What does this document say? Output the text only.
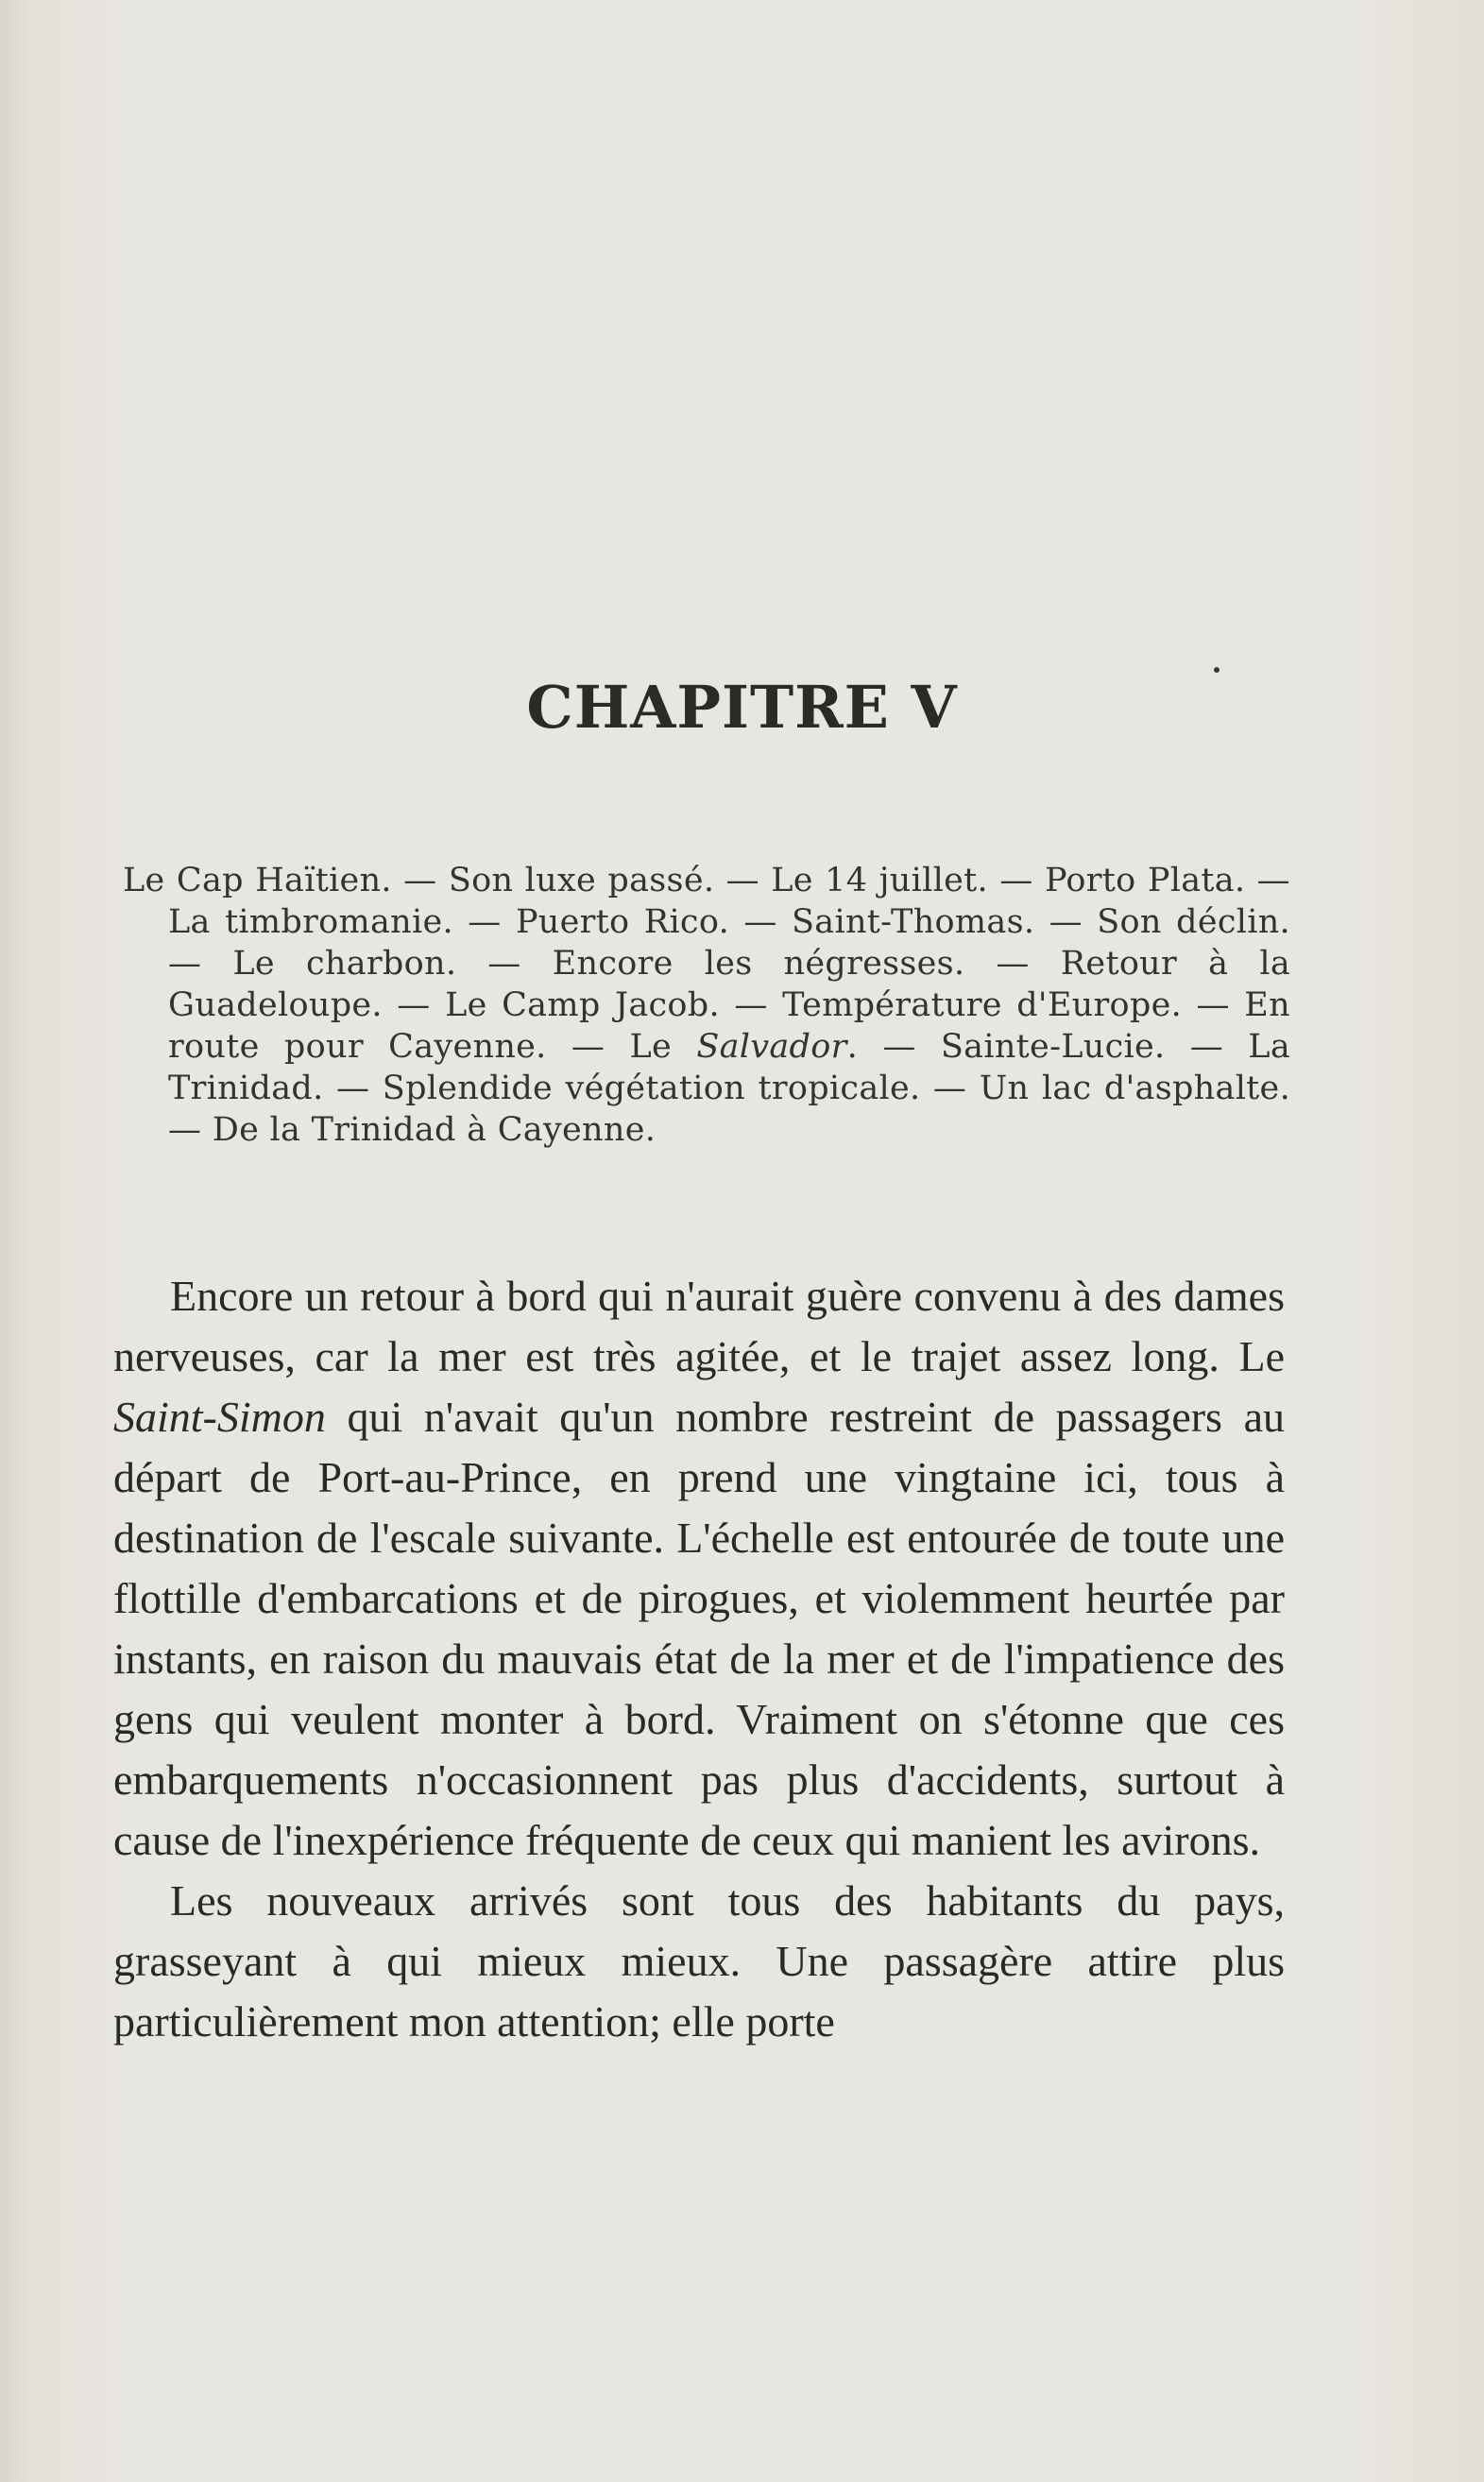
CHAPITRE V

Le Cap Haïtien. — Son luxe passé. — Le 14 juillet. — Porto Plata. — La timbromanie. — Puerto Rico. — Saint-Thomas. — Son déclin. — Le charbon. — Encore les négresses. — Retour à la Guadeloupe. — Le Camp Jacob. — Température d'Europe. — En route pour Cayenne. — Le Salvador. — Sainte-Lucie. — La Trinidad. — Splendide végétation tropicale. — Un lac d'asphalte. — De la Trinidad à Cayenne.

Encore un retour à bord qui n'aurait guère convenu à des dames nerveuses, car la mer est très agitée, et le trajet assez long. Le Saint-Simon qui n'avait qu'un nombre restreint de passagers au départ de Port-au-Prince, en prend une vingtaine ici, tous à destination de l'escale suivante. L'échelle est entourée de toute une flottille d'embarcations et de pirogues, et violemment heurtée par instants, en raison du mauvais état de la mer et de l'impatience des gens qui veulent monter à bord. Vraiment on s'étonne que ces embarquements n'occasionnent pas plus d'accidents, surtout à cause de l'inexpérience fréquente de ceux qui manient les avirons.

Les nouveaux arrivés sont tous des habitants du pays, grasseyant à qui mieux mieux. Une passagère attire plus particulièrement mon attention; elle porte
